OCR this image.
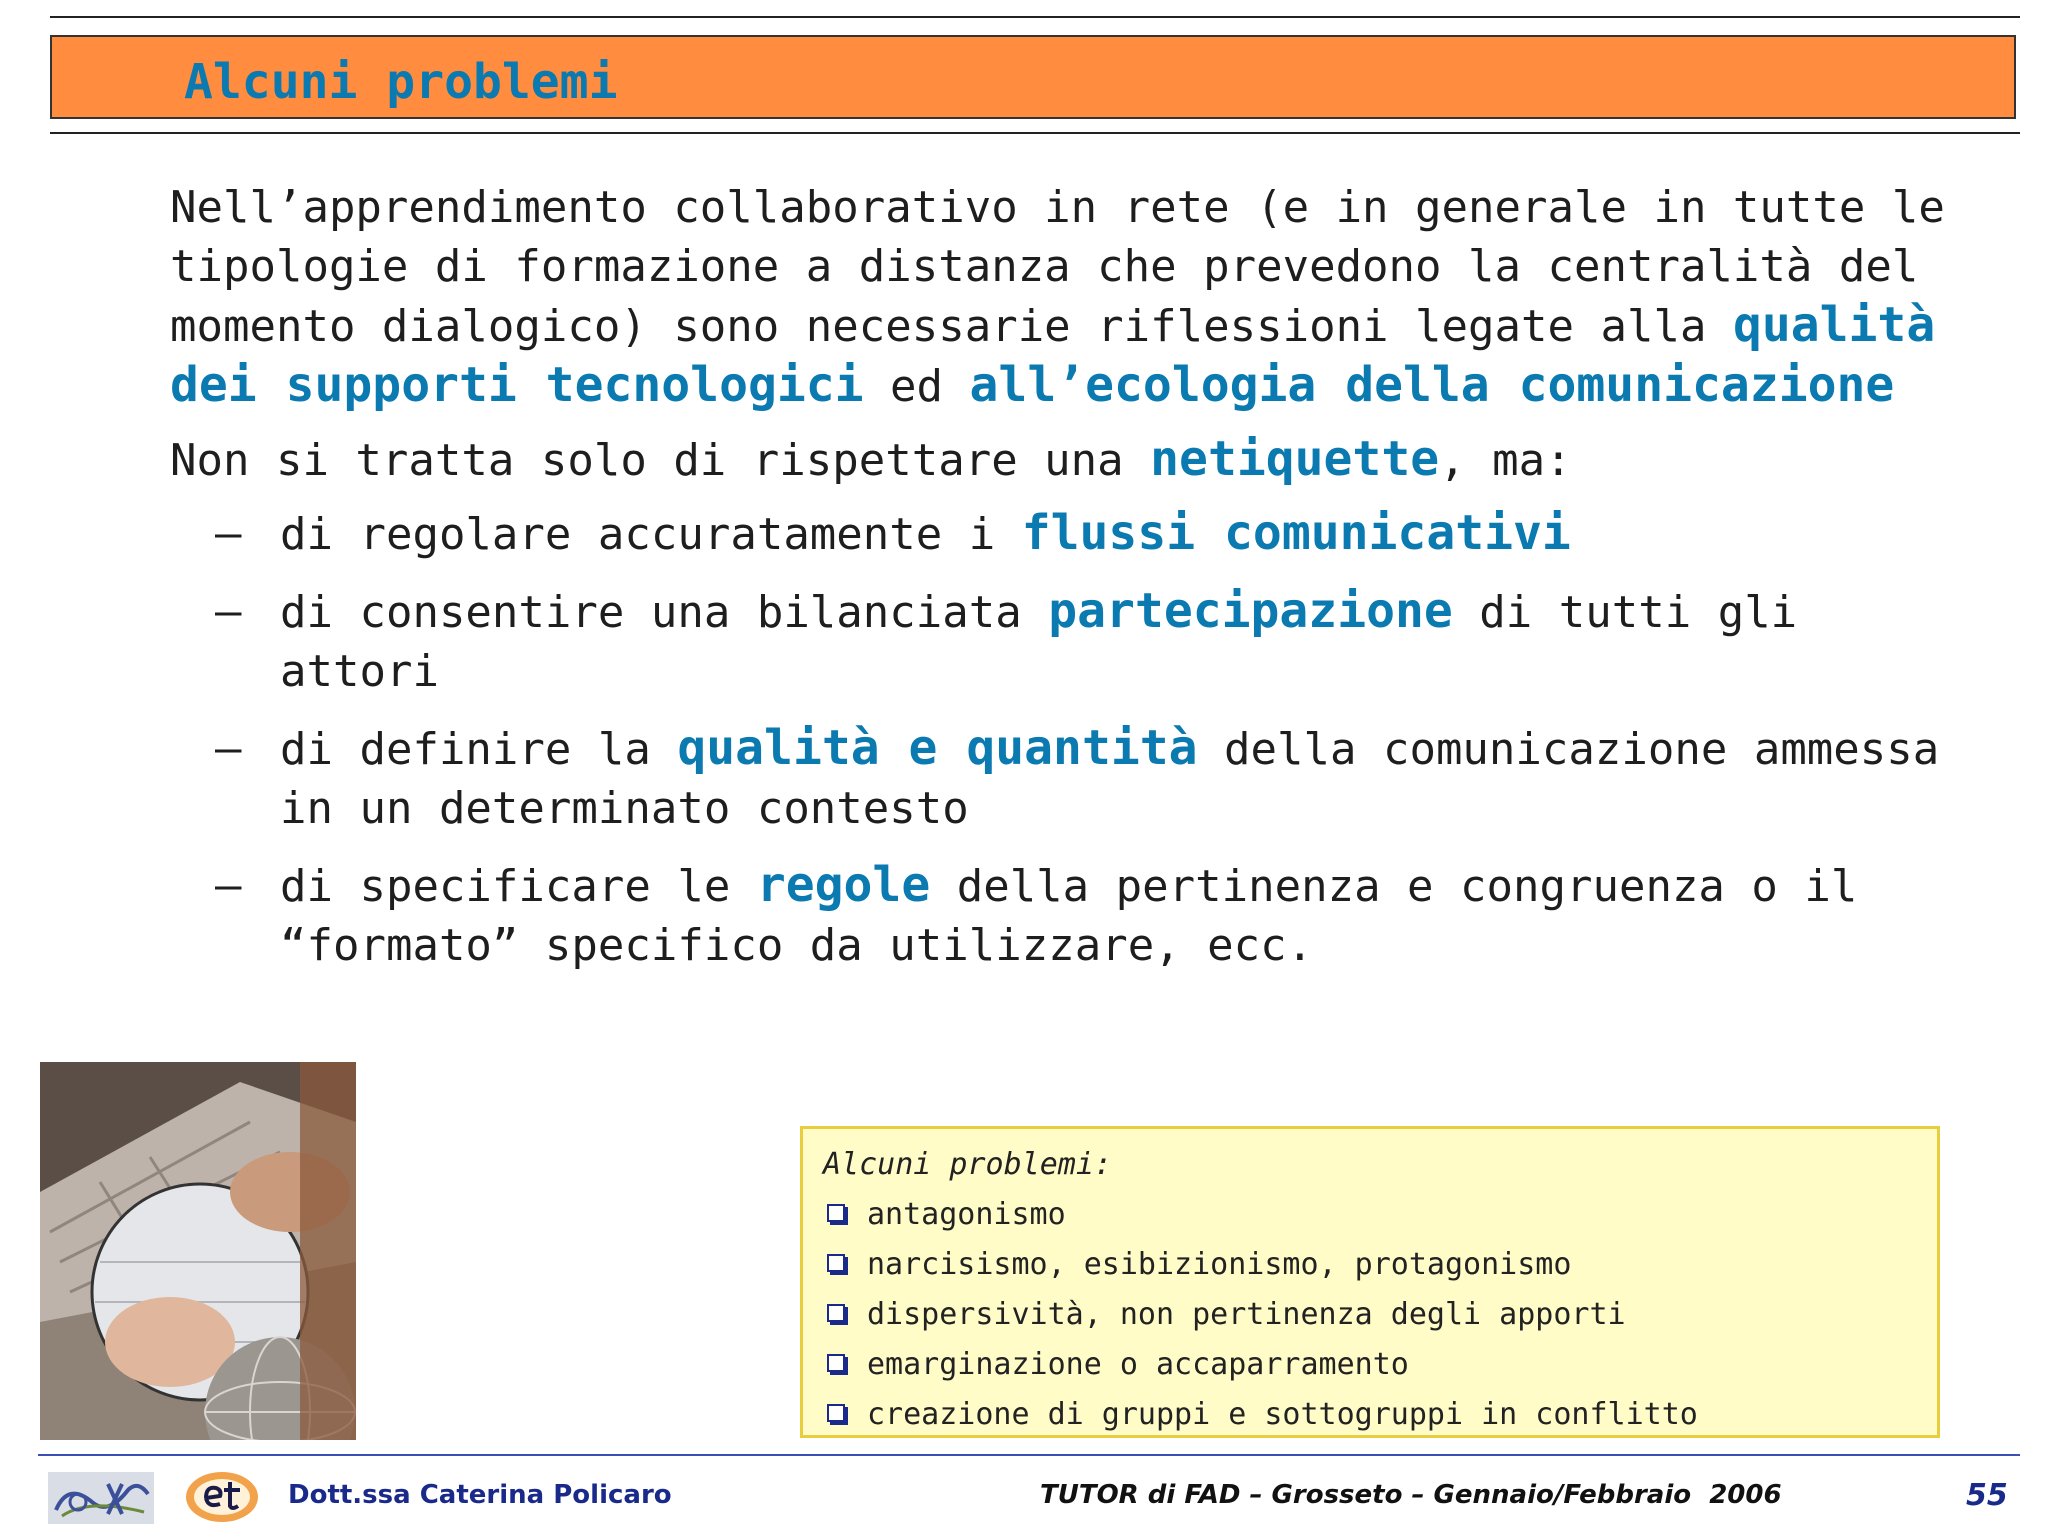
Alcuni problemi

Nell’apprendimento collaborativo in rete (e in generale in tutte le tipologie di formazione a distanza che prevedono la centralità del momento dialogico) sono necessarie riflessioni legate alla qualità dei supporti tecnologici ed all’ecologia della comunicazione

Non si tratta solo di rispettare una netiquette, ma:

– di regolare accuratamente i flussi comunicativi
– di consentire una bilanciata partecipazione di tutti gli attori
– di definire la qualità e quantità della comunicazione ammessa in un determinato contesto
– di specificare le regole della pertinenza e congruenza o il “formato” specifico da utilizzare, ecc.
Alcuni problemi:
antagonismo
narcisismo, esibizionismo, protagonismo
dispersività, non pertinenza degli apporti
emarginazione o accaparramento
creazione di gruppi e sottogruppi in conflitto
Dott.ssa Caterina Policaro	TUTOR di FAD – Grosseto – Gennaio/Febbraio  2006	55
